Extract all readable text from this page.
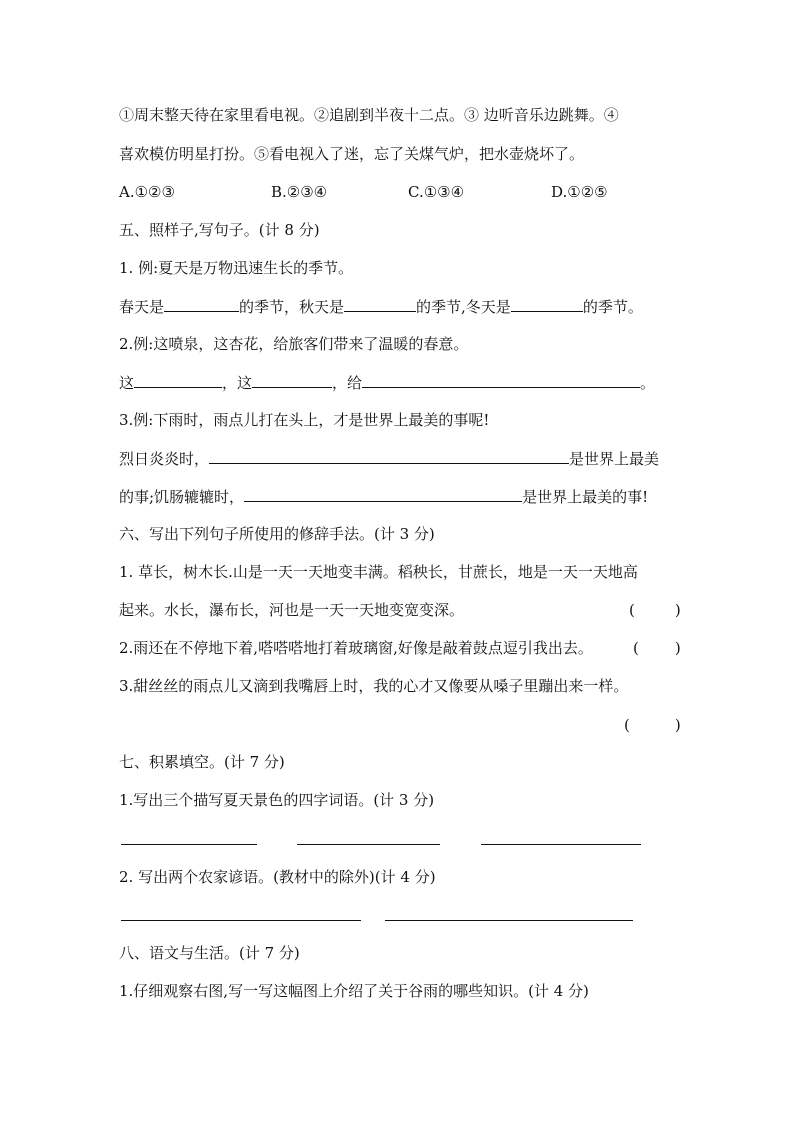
①周末整天待在家里看电视。②追剧到半夜十二点。③ 边听音乐边跳舞。④
喜欢模仿明星打扮。⑤看电视入了迷，忘了关煤气炉，把水壶烧坏了。
A.①②③	B.②③④	C.①③④	D.①②⑤
五、照样子,写句子。(计 8 分)
1. 例:夏天是万物迅速生长的季节。
春天是	的季节，秋天是	的季节,冬天是	的季节。
2.例:这喷泉，这杏花，给旅客们带来了温暖的春意。
这	，这	，给	。
3.例:下雨时，雨点儿打在头上，才是世界上最美的事呢!
烈日炎炎时，	是世界上最美
的事;饥肠辘辘时，	是世界上最美的事!
六、写出下列句子所使用的修辞手法。(计 3 分)
1. 草长，树木长.山是一天一天地变丰满。稻秧长，甘蔗长，地是一天一天地高
起来。水长，瀑布长，河也是一天一天地变宽变深。	(	)
2.雨还在不停地下着,嗒嗒嗒地打着玻璃窗,好像是敲着鼓点逗引我出去。	( )
3.甜丝丝的雨点儿又滴到我嘴唇上时，我的心才又像要从嗓子里蹦出来一样。
(	)
七、积累填空。(计 7 分)
1.写出三个描写夏天景色的四字词语。(计 3 分)
2. 写出两个农家谚语。(教材中的除外)(计 4 分)
八、语文与生活。(计 7 分)
1.仔细观察右图,写一写这幅图上介绍了关于谷雨的哪些知识。(计 4 分)
